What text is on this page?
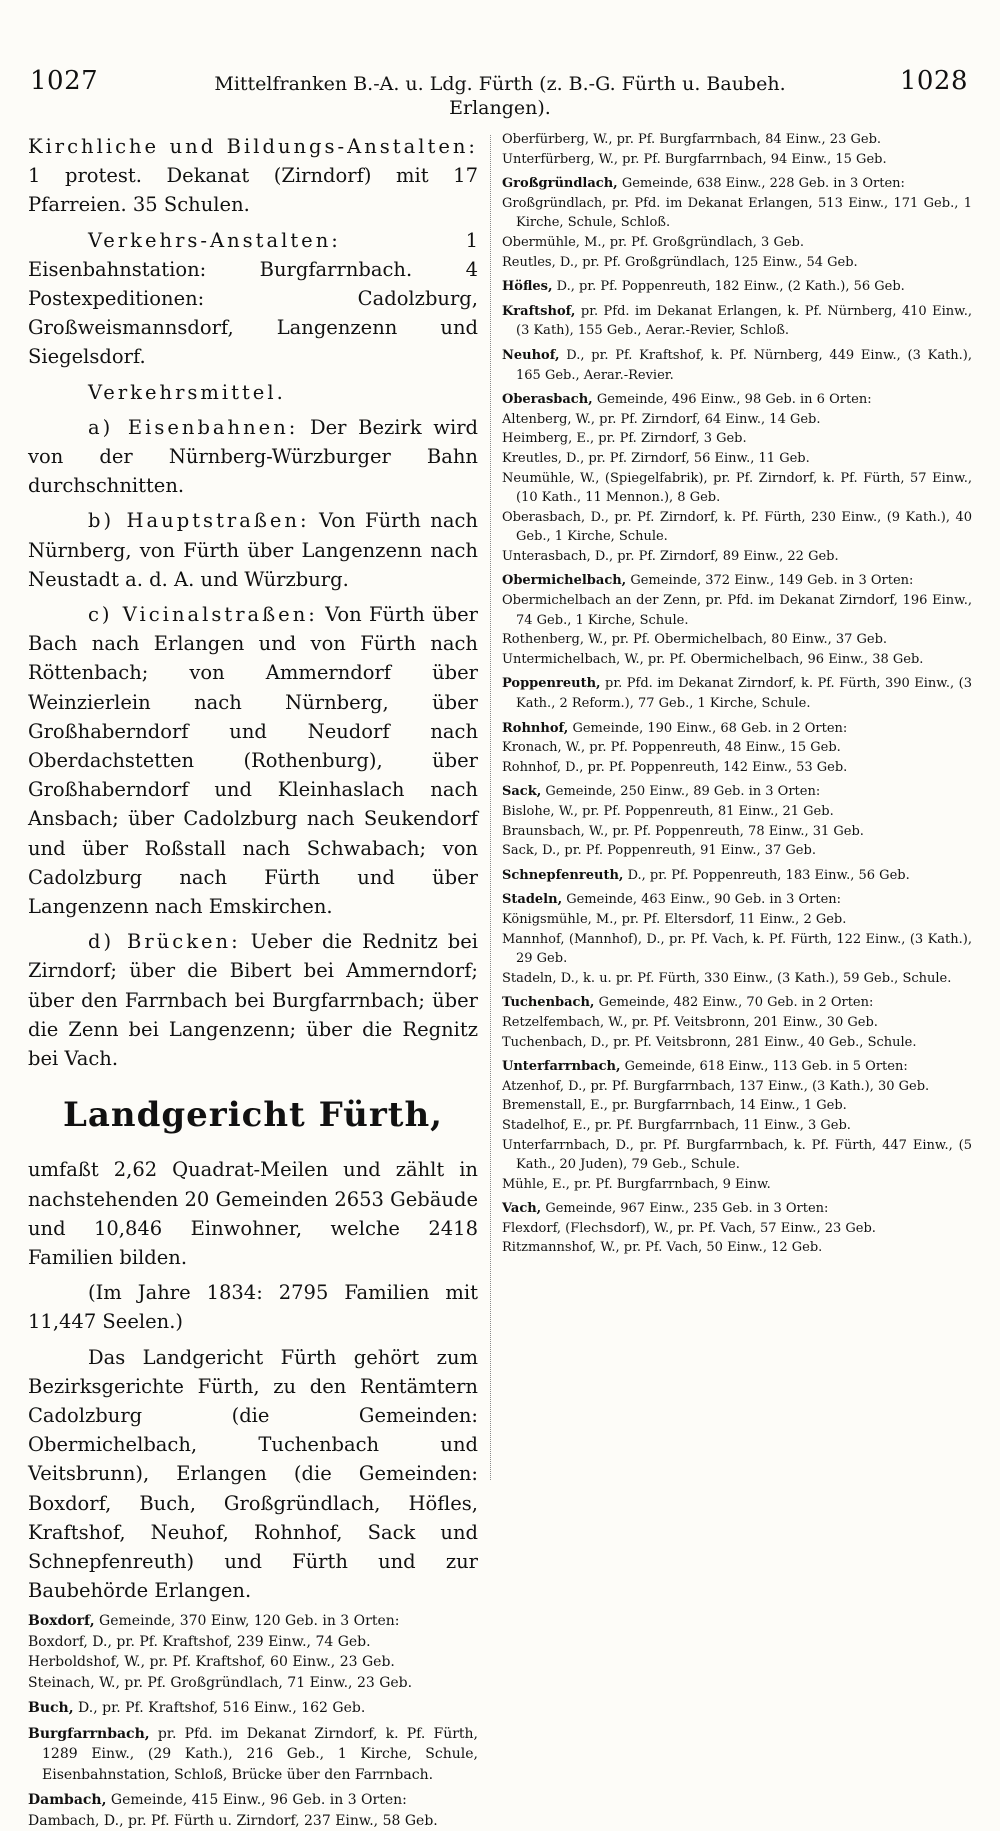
1027	Mittelfranken B.-A. u. Ldg. Fürth (z. B.-G. Fürth u. Baubeh. Erlangen).
1028

Kirchliche und Bildungs-Anstalten: 1 protest. Dekanat (Zirndorf) mit 17 Pfarreien. 35 Schulen.

Verkehrs-Anstalten: 1 Eisenbahnstation: Burgfarrnbach. 4 Postexpeditionen: Cadolzburg, Großweismannsdorf, Langenzenn und Siegelsdorf.

Verkehrsmittel.

a) Eisenbahnen: Der Bezirk wird von der Nürnberg-Würzburger Bahn durchschnitten.

b) Hauptstraßen: Von Fürth nach Nürnberg, von Fürth über Langenzenn nach Neustadt a. d. A. und Würzburg.

c) Vicinalstraßen: Von Fürth über Bach nach Erlangen und von Fürth nach Röttenbach; von Ammerndorf über Weinzierlein nach Nürnberg, über Großhaberndorf und Neudorf nach Oberdachstetten (Rothenburg), über Großhaberndorf und Kleinhaslach nach Ansbach; über Cadolzburg nach Seukendorf und über Roßstall nach Schwabach; von Cadolzburg nach Fürth und über Langenzenn nach Emskirchen.

d) Brücken: Ueber die Rednitz bei Zirndorf; über die Bibert bei Ammerndorf; über den Farrnbach bei Burgfarrnbach; über die Zenn bei Langenzenn; über die Regnitz bei Vach.

Landgericht Fürth,

umfaßt 2,62 Quadrat-Meilen und zählt in nachstehenden 20 Gemeinden 2653 Gebäude und 10,846 Einwohner, welche 2418 Familien bilden.

(Im Jahre 1834: 2795 Familien mit 11,447 Seelen.)

Das Landgericht Fürth gehört zum Bezirksgerichte Fürth, zu den Rentämtern Cadolzburg (die Gemeinden: Obermichelbach, Tuchenbach und Veitsbrunn), Erlangen (die Gemeinden: Boxdorf, Buch, Großgründlach, Höfles, Kraftshof, Neuhof, Rohnhof, Sack und Schnepfenreuth) und Fürth und zur Baubehörde Erlangen.

Boxdorf, Gemeinde, 370 Einw, 120 Geb. in 3 Orten:

Boxdorf, D., pr. Pf. Kraftshof, 239 Einw., 74 Geb.

Herboldshof, W., pr. Pf. Kraftshof, 60 Einw., 23 Geb.

Steinach, W., pr. Pf. Großgründlach, 71 Einw., 23 Geb.

Buch, D., pr. Pf. Kraftshof, 516 Einw., 162 Geb.

Burgfarrnbach, pr. Pfd. im Dekanat Zirndorf, k. Pf. Fürth, 1289 Einw., (29 Kath.), 216 Geb., 1 Kirche, Schule, Eisenbahnstation, Schloß, Brücke über den Farrnbach.

Dambach, Gemeinde, 415 Einw., 96 Geb. in 3 Orten:

Dambach, D., pr. Pf. Fürth u. Zirndorf, 237 Einw., 58 Geb.

Oberfürberg, W., pr. Pf. Burgfarrnbach, 84 Einw., 23 Geb.

Unterfürberg, W., pr. Pf. Burgfarrnbach, 94 Einw., 15 Geb.

Großgründlach, Gemeinde, 638 Einw., 228 Geb. in 3 Orten:

Großgründlach, pr. Pfd. im Dekanat Erlangen, 513 Einw., 171 Geb., 1 Kirche, Schule, Schloß.

Obermühle, M., pr. Pf. Großgründlach, 3 Geb.

Reutles, D., pr. Pf. Großgründlach, 125 Einw., 54 Geb.

Höfles, D., pr. Pf. Poppenreuth, 182 Einw., (2 Kath.), 56 Geb.

Kraftshof, pr. Pfd. im Dekanat Erlangen, k. Pf. Nürnberg, 410 Einw., (3 Kath), 155 Geb., Aerar.-Revier, Schloß.

Neuhof, D., pr. Pf. Kraftshof, k. Pf. Nürnberg, 449 Einw., (3 Kath.), 165 Geb., Aerar.-Revier.

Oberasbach, Gemeinde, 496 Einw., 98 Geb. in 6 Orten:

Altenberg, W., pr. Pf. Zirndorf, 64 Einw., 14 Geb.

Heimberg, E., pr. Pf. Zirndorf, 3 Geb.

Kreutles, D., pr. Pf. Zirndorf, 56 Einw., 11 Geb.

Neumühle, W., (Spiegelfabrik), pr. Pf. Zirndorf, k. Pf. Fürth, 57 Einw., (10 Kath., 11 Mennon.), 8 Geb.

Oberasbach, D., pr. Pf. Zirndorf, k. Pf. Fürth, 230 Einw., (9 Kath.), 40 Geb., 1 Kirche, Schule.

Unterasbach, D., pr. Pf. Zirndorf, 89 Einw., 22 Geb.

Obermichelbach, Gemeinde, 372 Einw., 149 Geb. in 3 Orten:

Obermichelbach an der Zenn, pr. Pfd. im Dekanat Zirndorf, 196 Einw., 74 Geb., 1 Kirche, Schule.

Rothenberg, W., pr. Pf. Obermichelbach, 80 Einw., 37 Geb.

Untermichelbach, W., pr. Pf. Obermichelbach, 96 Einw., 38 Geb.

Poppenreuth, pr. Pfd. im Dekanat Zirndorf, k. Pf. Fürth, 390 Einw., (3 Kath., 2 Reform.), 77 Geb., 1 Kirche, Schule.

Rohnhof, Gemeinde, 190 Einw., 68 Geb. in 2 Orten:

Kronach, W., pr. Pf. Poppenreuth, 48 Einw., 15 Geb.

Rohnhof, D., pr. Pf. Poppenreuth, 142 Einw., 53 Geb.

Sack, Gemeinde, 250 Einw., 89 Geb. in 3 Orten:

Bislohe, W., pr. Pf. Poppenreuth, 81 Einw., 21 Geb.

Braunsbach, W., pr. Pf. Poppenreuth, 78 Einw., 31 Geb.

Sack, D., pr. Pf. Poppenreuth, 91 Einw., 37 Geb.

Schnepfenreuth, D., pr. Pf. Poppenreuth, 183 Einw., 56 Geb.

Stadeln, Gemeinde, 463 Einw., 90 Geb. in 3 Orten:

Königsmühle, M., pr. Pf. Eltersdorf, 11 Einw., 2 Geb.

Mannhof, (Mannhof), D., pr. Pf. Vach, k. Pf. Fürth, 122 Einw., (3 Kath.), 29 Geb.

Stadeln, D., k. u. pr. Pf. Fürth, 330 Einw., (3 Kath.), 59 Geb., Schule.

Tuchenbach, Gemeinde, 482 Einw., 70 Geb. in 2 Orten:

Retzelfembach, W., pr. Pf. Veitsbronn, 201 Einw., 30 Geb.

Tuchenbach, D., pr. Pf. Veitsbronn, 281 Einw., 40 Geb., Schule.

Unterfarrnbach, Gemeinde, 618 Einw., 113 Geb. in 5 Orten:

Atzenhof, D., pr. Pf. Burgfarrnbach, 137 Einw., (3 Kath.), 30 Geb.

Bremenstall, E., pr. Burgfarrnbach, 14 Einw., 1 Geb.

Stadelhof, E., pr. Pf. Burgfarrnbach, 11 Einw., 3 Geb.

Unterfarrnbach, D., pr. Pf. Burgfarrnbach, k. Pf. Fürth, 447 Einw., (5 Kath., 20 Juden), 79 Geb., Schule.

Mühle, E., pr. Pf. Burgfarrnbach, 9 Einw.

Vach, Gemeinde, 967 Einw., 235 Geb. in 3 Orten:

Flexdorf, (Flechsdorf), W., pr. Pf. Vach, 57 Einw., 23 Geb.

Ritzmannshof, W., pr. Pf. Vach, 50 Einw., 12 Geb.
